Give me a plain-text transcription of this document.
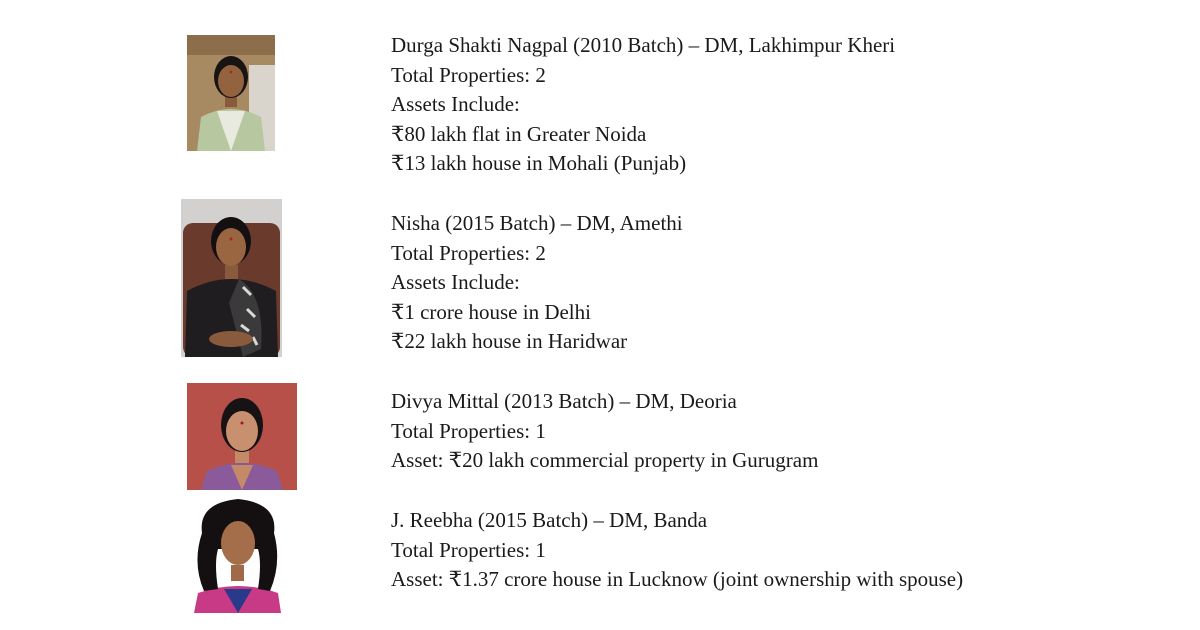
Durga Shakti Nagpal (2010 Batch) – DM, Lakhimpur Kheri
Total Properties: 2
Assets Include:
₹80 lakh flat in Greater Noida
₹13 lakh house in Mohali (Punjab)
Nisha (2015 Batch) – DM, Amethi
Total Properties: 2
Assets Include:
₹1 crore house in Delhi
₹22 lakh house in Haridwar
Divya Mittal (2013 Batch) – DM, Deoria
Total Properties: 1
Asset: ₹20 lakh commercial property in Gurugram
J. Reebha (2015 Batch) – DM, Banda
Total Properties: 1
Asset: ₹1.37 crore house in Lucknow (joint ownership with spouse)
